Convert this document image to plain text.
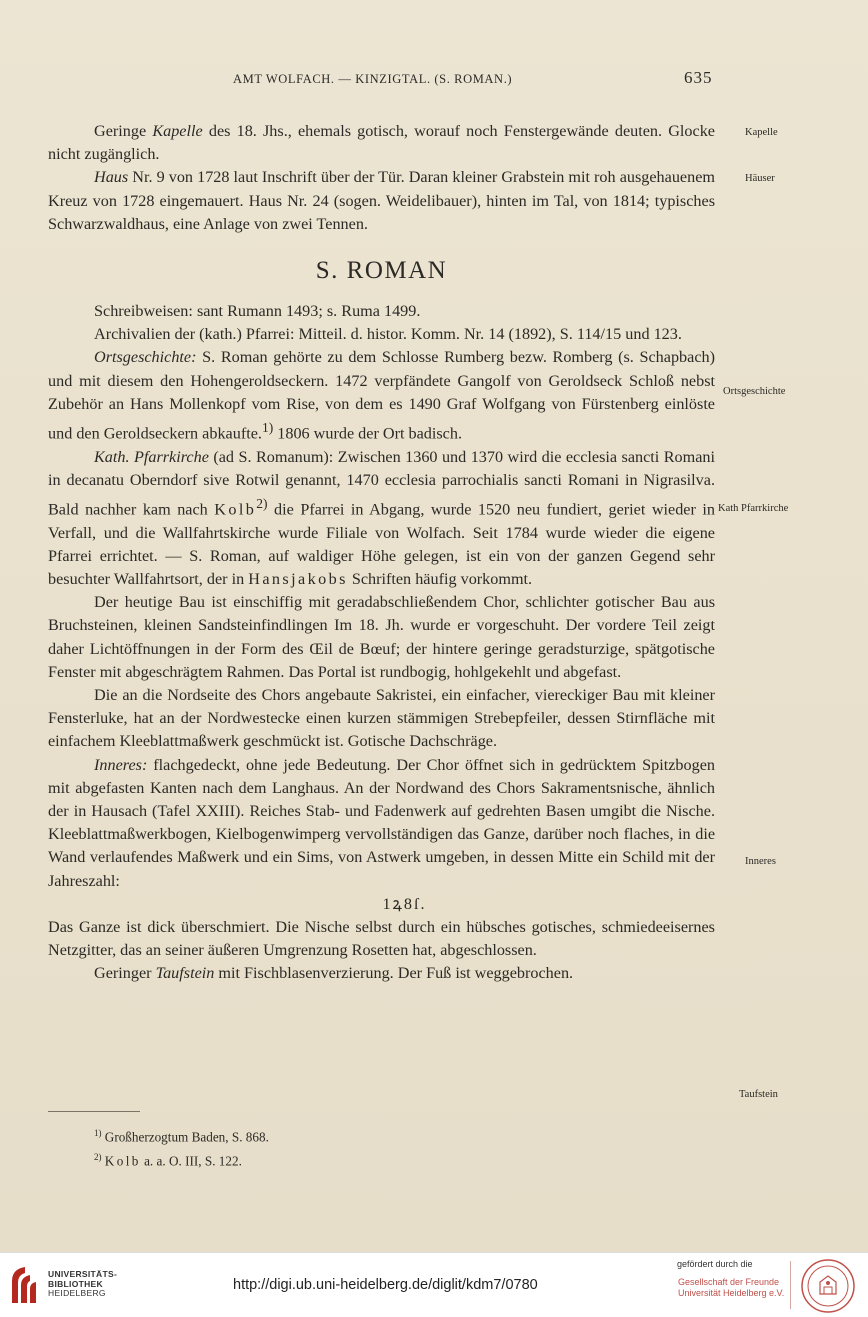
AMT WOLFACH. — KINZIGTAL. (S. ROMAN.)	635

Geringe Kapelle des 18. Jhs., ehemals gotisch, worauf noch Fenstergewände deuten. Glocke nicht zugänglich.

Haus Nr. 9 von 1728 laut Inschrift über der Tür. Daran kleiner Grabstein mit roh ausgehauenem Kreuz von 1728 eingemauert. Haus Nr. 24 (sogen. Weidelibauer), hinten im Tal, von 1814; typisches Schwarzwaldhaus, eine Anlage von zwei Tennen.

S. ROMAN

Schreibweisen: sant Rumann 1493; s. Ruma 1499.

Archivalien der (kath.) Pfarrei: Mitteil. d. histor. Komm. Nr. 14 (1892), S. 114/15 und 123.

Ortsgeschichte: S. Roman gehörte zu dem Schlosse Rumberg bezw. Romberg (s. Schapbach) und mit diesem den Hohengeroldseckern. 1472 verpfändete Gangolf von Geroldseck Schloß nebst Zubehör an Hans Mollenkopf vom Rise, von dem es 1490 Graf Wolfgang von Fürstenberg einlöste und den Geroldseckern abkaufte.$^{1)}$ 1806 wurde der Ort badisch.

Kath. Pfarrkirche (ad S. Romanum): Zwischen 1360 und 1370 wird die ecclesia sancti Romani in decanatu Oberndorf sive Rotwil genannt, 1470 ecclesia parrochialis sancti Romani in Nigrasilva. Bald nachher kam nach Kolb$^{2)}$ die Pfarrei in Abgang, wurde 1520 neu fundiert, geriet wieder in Verfall, und die Wallfahrtskirche wurde Filiale von Wolfach. Seit 1784 wurde wieder die eigene Pfarrei errichtet. — S. Roman, auf waldiger Höhe gelegen, ist ein von der ganzen Gegend sehr besuchter Wallfahrtsort, der in Hansjakobs Schriften häufig vorkommt.

Der heutige Bau ist einschiffig mit geradabschließendem Chor, schlichter gotischer Bau aus Bruchsteinen, kleinen Sandsteinfindlingen Im 18. Jh. wurde er vorgeschuht. Der vordere Teil zeigt daher Lichtöffnungen in der Form des Œil de Bœuf; der hintere geringe geradsturzige, spätgotische Fenster mit abgeschrägtem Rahmen. Das Portal ist rundbogig, hohlgekehlt und abgefast.

Die an die Nordseite des Chors angebaute Sakristei, ein einfacher, viereckiger Bau mit kleiner Fensterluke, hat an der Nordwestecke einen kurzen stämmigen Strebepfeiler, dessen Stirnfläche mit einfachem Kleeblattmaßwerk geschmückt ist. Gotische Dachschräge.

Inneres: flachgedeckt, ohne jede Bedeutung. Der Chor öffnet sich in gedrücktem Spitzbogen mit abgefasten Kanten nach dem Langhaus. An der Nordwand des Chors Sakramentsnische, ähnlich der in Hausach (Tafel XXIII). Reiches Stab- und Fadenwerk auf gedrehten Basen umgibt die Nische. Kleeblattmaßwerkbogen, Kielbogenwimperg vervollständigen das Ganze, darüber noch flaches, in die Wand verlaufendes Maßwerk und ein Sims, von Astwerk umgeben, in dessen Mitte ein Schild mit der Jahreszahl:

1ꝝ8ſ.

Das Ganze ist dick überschmiert. Die Nische selbst durch ein hübsches gotisches, schmiedeeisernes Netzgitter, das an seiner äußeren Umgrenzung Rosetten hat, abgeschlossen.

Geringer Taufstein mit Fischblasenverzierung. Der Fuß ist weggebrochen.

Kapelle
Häuser
Ortsgeschichte
Kath Pfarrkirche
Inneres
Taufstein
$^{1)}$ Großherzogtum Baden, S. 868.
$^{2)}$ Kolb a. a. O. III, S. 122.
UNIVERSITÄTS-
BIBLIOTHEK
HEIDELBERG	http://digi.ub.uni-heidelberg.de/diglit/kdm7/0780
gefördert durch die
Gesellschaft der Freunde
Universität Heidelberg e.V.
